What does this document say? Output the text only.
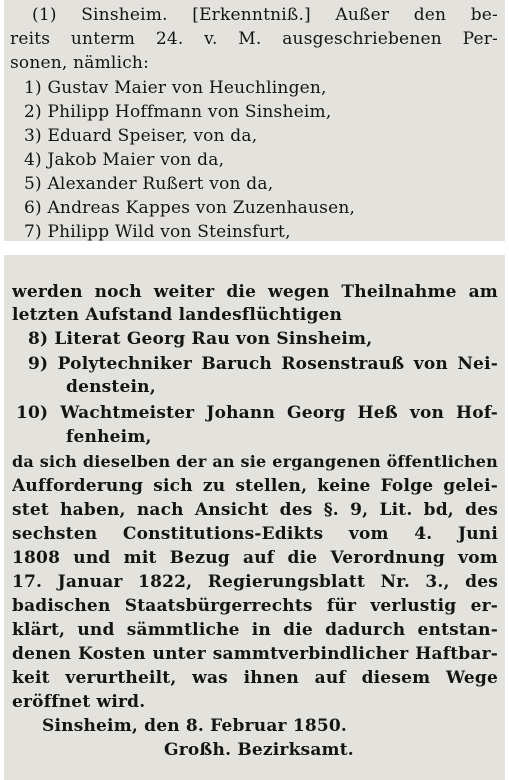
(1) Sinsheim. [Erkenntniß.] Außer den be-
reits unterm 24. v. M. ausgeschriebenen Per-
sonen, nämlich:
1) Gustav Maier von Heuchlingen,
2) Philipp Hoffmann von Sinsheim,
3) Eduard Speiser, von da,
4) Jakob Maier von da,
5) Alexander Rußert von da,
6) Andreas Kappes von Zuzenhausen,
7) Philipp Wild von Steinsfurt,
werden noch weiter die wegen Theilnahme am
letzten Aufstand landesflüchtigen
8) Literat Georg Rau von Sinsheim,
9) Polytechniker Baruch Rosenstrauß von Nei-
denstein,
10) Wachtmeister Johann Georg Heß von Hof-
fenheim,
da sich dieselben der an sie ergangenen öffentlichen
Aufforderung sich zu stellen, keine Folge gelei-
stet haben, nach Ansicht des §. 9, Lit. bd, des
sechsten Constitutions-Edikts vom 4. Juni
1808 und mit Bezug auf die Verordnung vom
17. Januar 1822, Regierungsblatt Nr. 3., des
badischen Staatsbürgerrechts für verlustig er-
klärt, und sämmtliche in die dadurch entstan-
denen Kosten unter sammtverbindlicher Haftbar-
keit verurtheilt, was ihnen auf diesem Wege
eröffnet wird.
Sinsheim, den 8. Februar 1850.
Großh. Bezirksamt.
